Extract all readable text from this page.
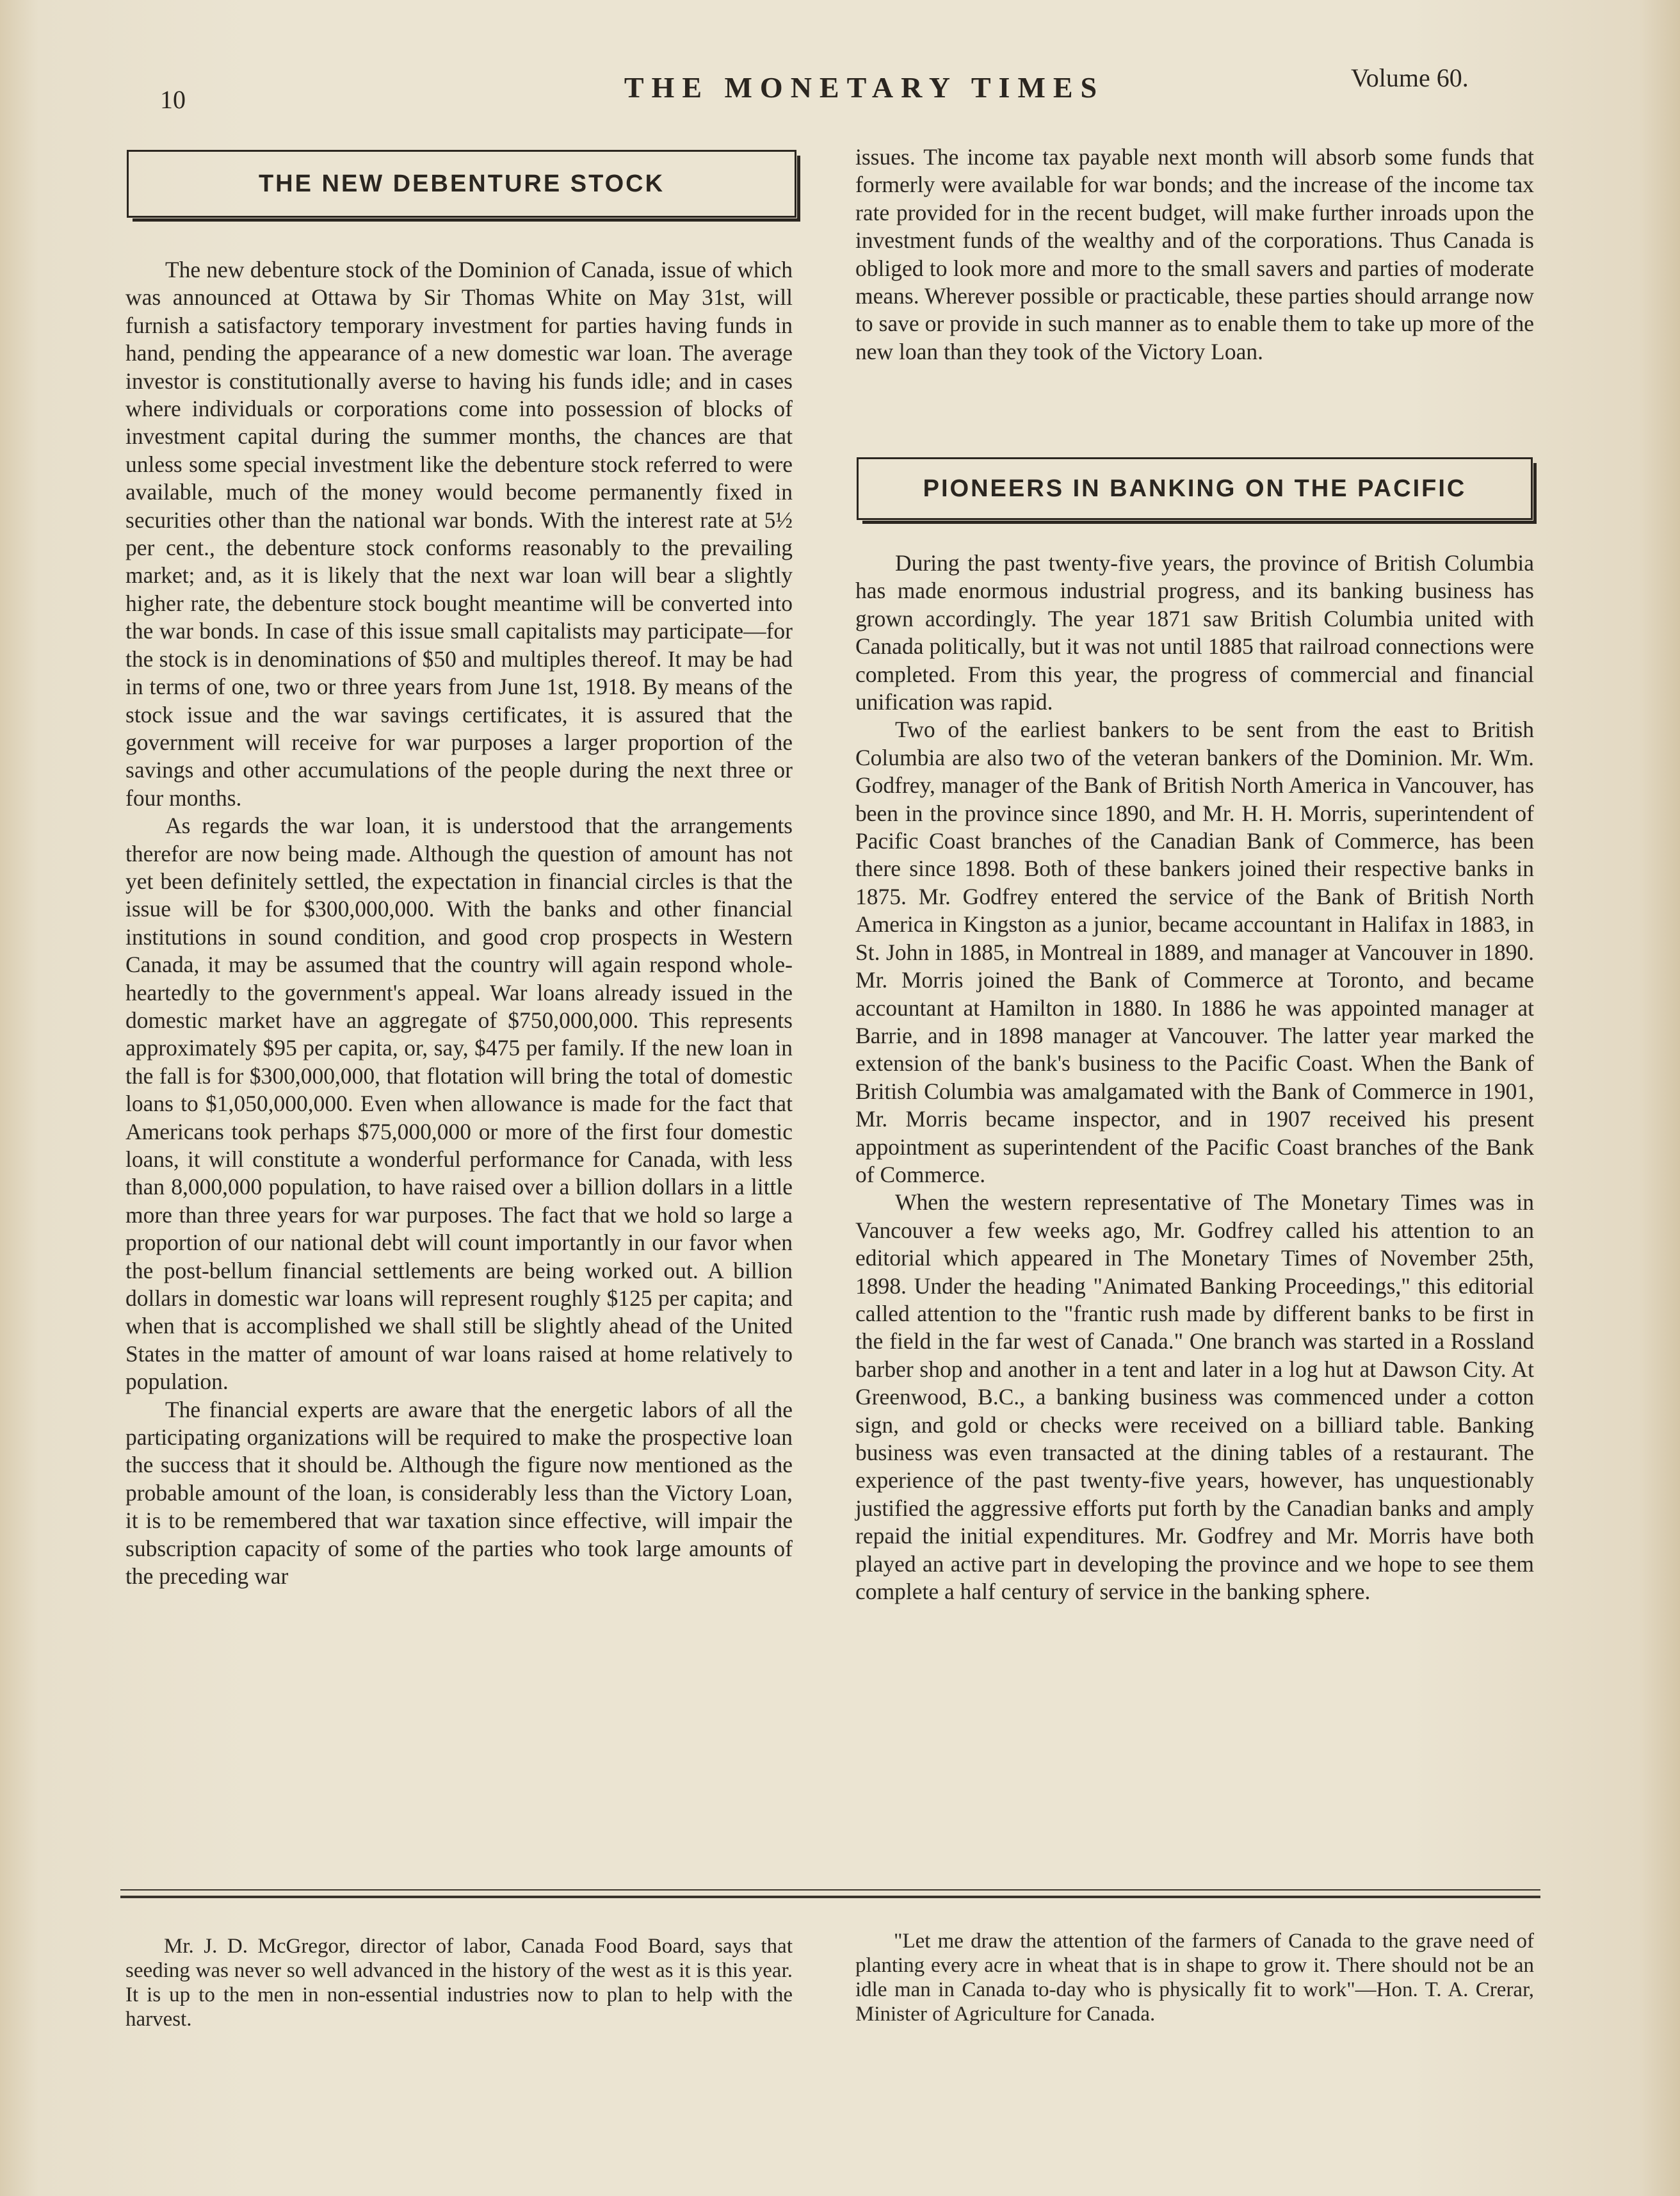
10	THE MONETARY TIMES	Volume 60.
THE NEW DEBENTURE STOCK

The new debenture stock of the Dominion of Canada, issue of which was announced at Ottawa by Sir Thomas White on May 31st, will furnish a satisfactory temporary investment for parties having funds in hand, pending the appearance of a new domestic war loan. The average investor is constitutionally averse to having his funds idle; and in cases where individuals or corporations come into possession of blocks of investment capital during the summer months, the chances are that unless some special investment like the debenture stock referred to were available, much of the money would become permanently fixed in securities other than the national war bonds. With the interest rate at 5½ per cent., the debenture stock conforms reasonably to the prevailing market; and, as it is likely that the next war loan will bear a slightly higher rate, the debenture stock bought meantime will be converted into the war bonds. In case of this issue small capitalists may participate—for the stock is in denominations of $50 and multiples thereof. It may be had in terms of one, two or three years from June 1st, 1918. By means of the stock issue and the war savings certificates, it is assured that the government will receive for war purposes a larger proportion of the savings and other accumulations of the people during the next three or four months.

As regards the war loan, it is understood that the arrangements therefor are now being made. Although the question of amount has not yet been definitely settled, the expectation in financial circles is that the issue will be for $300,000,000. With the banks and other financial institutions in sound condition, and good crop prospects in Western Canada, it may be assumed that the country will again respond whole-heartedly to the government's appeal. War loans already issued in the domestic market have an aggregate of $750,000,000. This represents approximately $95 per capita, or, say, $475 per family. If the new loan in the fall is for $300,000,000, that flotation will bring the total of domestic loans to $1,050,000,000. Even when allowance is made for the fact that Americans took perhaps $75,000,000 or more of the first four domestic loans, it will constitute a wonderful performance for Canada, with less than 8,000,000 population, to have raised over a billion dollars in a little more than three years for war purposes. The fact that we hold so large a proportion of our national debt will count importantly in our favor when the post-bellum financial settlements are being worked out. A billion dollars in domestic war loans will represent roughly $125 per capita; and when that is accomplished we shall still be slightly ahead of the United States in the matter of amount of war loans raised at home relatively to population.

The financial experts are aware that the energetic labors of all the participating organizations will be required to make the prospective loan the success that it should be. Although the figure now mentioned as the probable amount of the loan, is considerably less than the Victory Loan, it is to be remembered that war taxation since effective, will impair the subscription capacity of some of the parties who took large amounts of the preceding war

issues. The income tax payable next month will absorb some funds that formerly were available for war bonds; and the increase of the income tax rate provided for in the recent budget, will make further inroads upon the investment funds of the wealthy and of the corporations. Thus Canada is obliged to look more and more to the small savers and parties of moderate means. Wherever possible or practicable, these parties should arrange now to save or provide in such manner as to enable them to take up more of the new loan than they took of the Victory Loan.

PIONEERS IN BANKING ON THE PACIFIC

During the past twenty-five years, the province of British Columbia has made enormous industrial progress, and its banking business has grown accordingly. The year 1871 saw British Columbia united with Canada politically, but it was not until 1885 that railroad connections were completed. From this year, the progress of commercial and financial unification was rapid.

Two of the earliest bankers to be sent from the east to British Columbia are also two of the veteran bankers of the Dominion. Mr. Wm. Godfrey, manager of the Bank of British North America in Vancouver, has been in the province since 1890, and Mr. H. H. Morris, superintendent of Pacific Coast branches of the Canadian Bank of Commerce, has been there since 1898. Both of these bankers joined their respective banks in 1875. Mr. Godfrey entered the service of the Bank of British North America in Kingston as a junior, became accountant in Halifax in 1883, in St. John in 1885, in Montreal in 1889, and manager at Vancouver in 1890. Mr. Morris joined the Bank of Commerce at Toronto, and became accountant at Hamilton in 1880. In 1886 he was appointed manager at Barrie, and in 1898 manager at Vancouver. The latter year marked the extension of the bank's business to the Pacific Coast. When the Bank of British Columbia was amalgamated with the Bank of Commerce in 1901, Mr. Morris became inspector, and in 1907 received his present appointment as superintendent of the Pacific Coast branches of the Bank of Commerce.

When the western representative of The Monetary Times was in Vancouver a few weeks ago, Mr. Godfrey called his attention to an editorial which appeared in The Monetary Times of November 25th, 1898. Under the heading "Animated Banking Proceedings," this editorial called attention to the "frantic rush made by different banks to be first in the field in the far west of Canada." One branch was started in a Rossland barber shop and another in a tent and later in a log hut at Dawson City. At Greenwood, B.C., a banking business was commenced under a cotton sign, and gold or checks were received on a billiard table. Banking business was even transacted at the dining tables of a restaurant. The experience of the past twenty-five years, however, has unquestionably justified the aggressive efforts put forth by the Canadian banks and amply repaid the initial expenditures. Mr. Godfrey and Mr. Morris have both played an active part in developing the province and we hope to see them complete a half century of service in the banking sphere.

Mr. J. D. McGregor, director of labor, Canada Food Board, says that seeding was never so well advanced in the history of the west as it is this year. It is up to the men in non-essential industries now to plan to help with the harvest.

"Let me draw the attention of the farmers of Canada to the grave need of planting every acre in wheat that is in shape to grow it. There should not be an idle man in Canada to-day who is physically fit to work"—Hon. T. A. Crerar, Minister of Agriculture for Canada.
